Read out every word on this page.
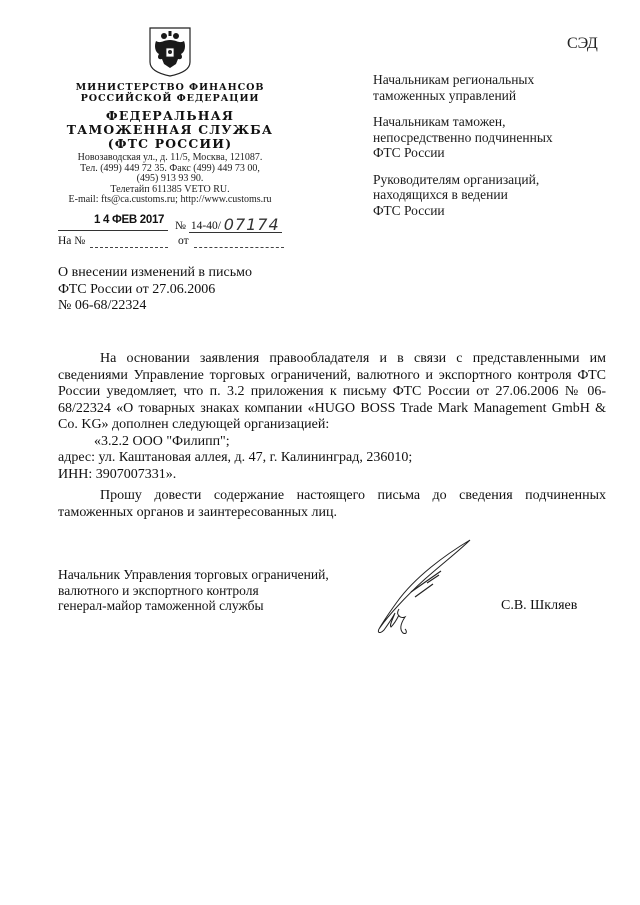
МИНИСТЕРСТВО ФИНАНСОВ
РОССИЙСКОЙ ФЕДЕРАЦИИ
ФЕДЕРАЛЬНАЯ
ТАМОЖЕННАЯ СЛУЖБА
(ФТС РОССИИ)
Новозаводская ул., д. 11/5, Москва, 121087.
Тел. (499) 449 72 35. Факс (499) 449 73 00,
(495) 913 93 90.
Телетайп 611385 VETO RU.
E-mail: fts@ca.customs.ru; http://www.customs.ru
1 4 ФЕВ 2017 № 14-40/ 07174
На №	от
СЭД
Начальникам региональных
таможенных управлений
Начальникам таможен,
непосредственно подчиненных
ФТС России
Руководителям организаций,
находящихся в ведении
ФТС России
О внесении изменений в письмо
ФТС России от 27.06.2006
№ 06-68/22324

На основании заявления правообладателя и в связи с представленными им сведениями Управление торговых ограничений, валютного и экспортного контроля ФТС России уведомляет, что п. 3.2 приложения к письму ФТС России от 27.06.2006 № 06-68/22324 «О товарных знаках компании «HUGO BOSS Trade Mark Management GmbH & Co. KG» дополнен следующей организацией:

«3.2.2 ООО "Филипп";

адрес: ул. Каштановая аллея, д. 47, г. Калининград, 236010;

ИНН: 3907007331».

Прошу довести содержание настоящего письма до сведения подчиненных таможенных органов и заинтересованных лиц.

Начальник Управления торговых ограничений,
валютного и экспортного контроля
генерал-майор таможенной службы	С.В. Шкляев
